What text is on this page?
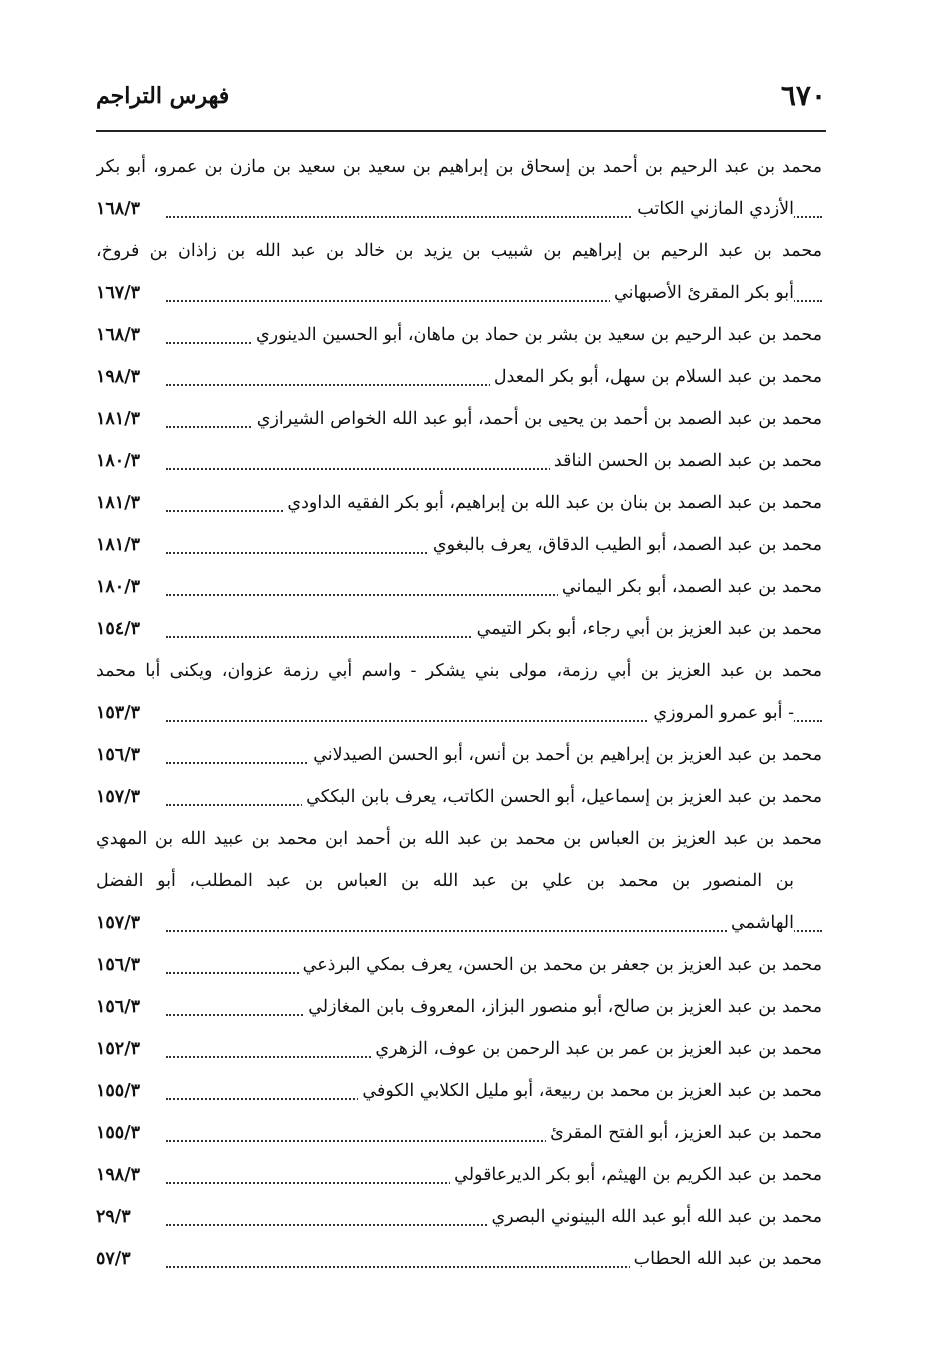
٦٧٠
فهرس التراجم
محمد بن عبد الرحيم بن أحمد بن إسحاق بن إبراهيم بن سعيد بن سعيد بن مازن بن عمرو، أبو بكر
الأزدي المازني الكاتب
١٦٨/٣
محمد بن عبد الرحيم بن إبراهيم بن شبيب بن يزيد بن خالد بن عبد الله بن زاذان بن فروخ،
أبو بكر المقرئ الأصبهاني
١٦٧/٣
محمد بن عبد الرحيم بن سعيد بن بشر بن حماد بن ماهان، أبو الحسين الدينوري
١٦٨/٣
محمد بن عبد السلام بن سهل، أبو بكر المعدل
١٩٨/٣
محمد بن عبد الصمد بن أحمد بن يحيى بن أحمد، أبو عبد الله الخواص الشيرازي
١٨١/٣
محمد بن عبد الصمد بن الحسن الناقد
١٨٠/٣
محمد بن عبد الصمد بن بنان بن عبد الله بن إبراهيم، أبو بكر الفقيه الداودي
١٨١/٣
محمد بن عبد الصمد، أبو الطيب الدقاق، يعرف بالبغوي
١٨١/٣
محمد بن عبد الصمد، أبو بكر اليماني
١٨٠/٣
محمد بن عبد العزيز بن أبي رجاء، أبو بكر التيمي
١٥٤/٣
محمد بن عبد العزيز بن أبي رزمة، مولى بني يشكر - واسم أبي رزمة عزوان، ويكنى أبا محمد
- أبو عمرو المروزي
١٥٣/٣
محمد بن عبد العزيز بن إبراهيم بن أحمد بن أنس، أبو الحسن الصيدلاني
١٥٦/٣
محمد بن عبد العزيز بن إسماعيل، أبو الحسن الكاتب، يعرف بابن البككي
١٥٧/٣
محمد بن عبد العزيز بن العباس بن محمد بن عبد الله بن أحمد ابن محمد بن عبيد الله بن المهدي
بن المنصور بن محمد بن علي بن عبد الله بن العباس بن عبد المطلب، أبو الفضل
الهاشمي
١٥٧/٣
محمد بن عبد العزيز بن جعفر بن محمد بن الحسن، يعرف بمكي البرذعي
١٥٦/٣
محمد بن عبد العزيز بن صالح، أبو منصور البزاز، المعروف بابن المغازلي
١٥٦/٣
محمد بن عبد العزيز بن عمر بن عبد الرحمن بن عوف، الزهري
١٥٢/٣
محمد بن عبد العزيز بن محمد بن ربيعة، أبو مليل الكلابي الكوفي
١٥٥/٣
محمد بن عبد العزيز، أبو الفتح المقرئ
١٥٥/٣
محمد بن عبد الكريم بن الهيثم، أبو بكر الديرعاقولي
١٩٨/٣
محمد بن عبد الله أبو عبد الله البينوني البصري
٢٩/٣
محمد بن عبد الله الحطاب
٥٧/٣
